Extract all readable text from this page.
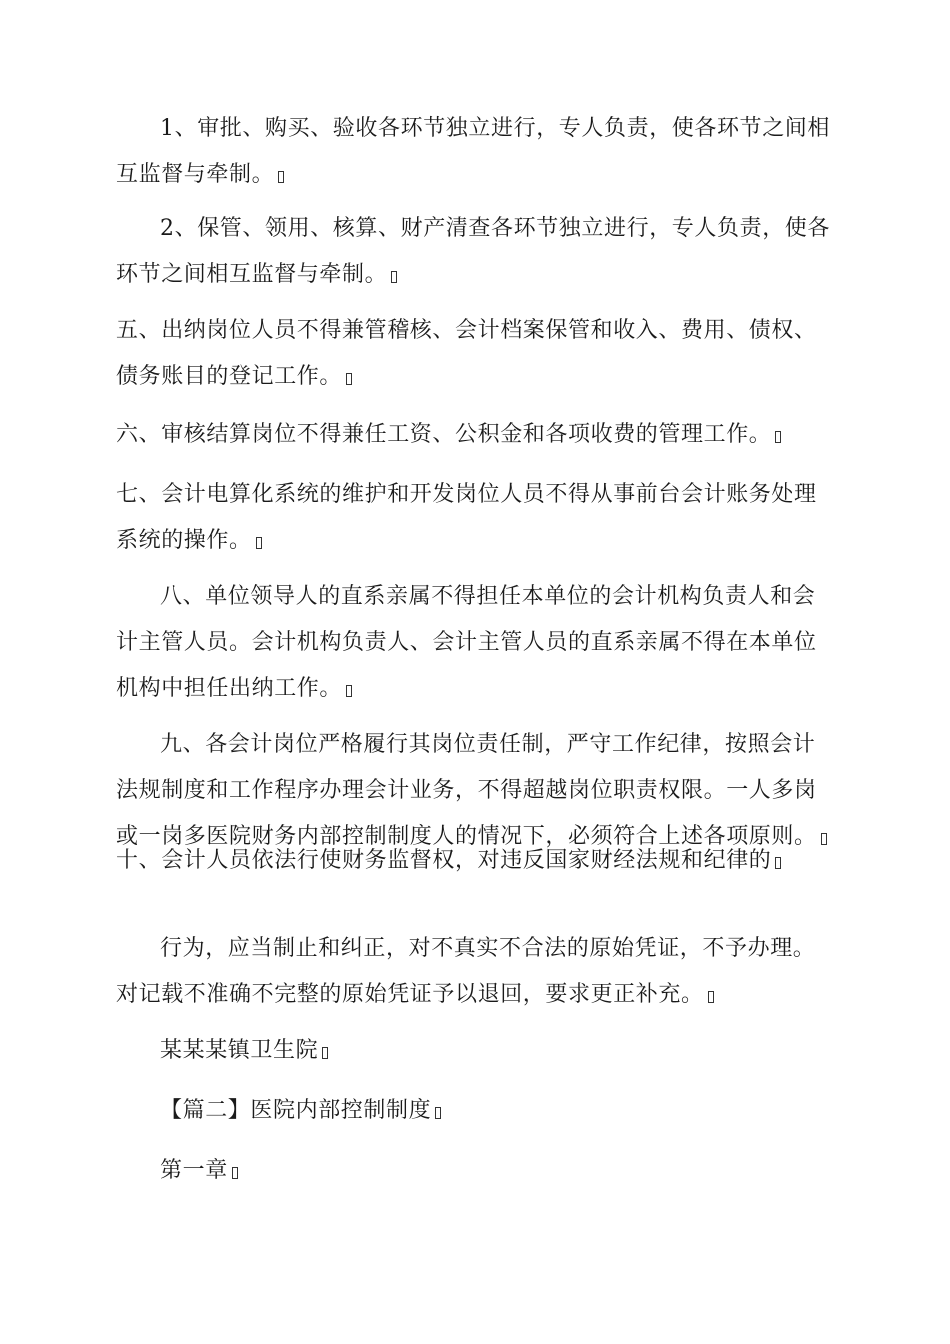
1、审批、购买、验收各环节独立进行，专人负责，使各环节之间相互监督与牵制。

2、保管、领用、核算、财产清查各环节独立进行，专人负责，使各环节之间相互监督与牵制。

五、出纳岗位人员不得兼管稽核、会计档案保管和收入、费用、债权、债务账目的登记工作。

六、审核结算岗位不得兼任工资、公积金和各项收费的管理工作。

七、会计电算化系统的维护和开发岗位人员不得从事前台会计账务处理系统的操作。

八、单位领导人的直系亲属不得担任本单位的会计机构负责人和会计主管人员。会计机构负责人、会计主管人员的直系亲属不得在本单位机构中担任出纳工作。

九、各会计岗位严格履行其岗位责任制，严守工作纪律，按照会计法规制度和工作程序办理会计业务，不得超越岗位职责权限。一人多岗或一岗多医院财务内部控制制度人的情况下，必须符合上述各项原则。

十、会计人员依法行使财务监督权，对违反国家财经法规和纪律的

行为，应当制止和纠正，对不真实不合法的原始凭证，不予办理。对记载不准确不完整的原始凭证予以退回，要求更正补充。

某某某镇卫生院

【篇二】医院内部控制制度

第一章
